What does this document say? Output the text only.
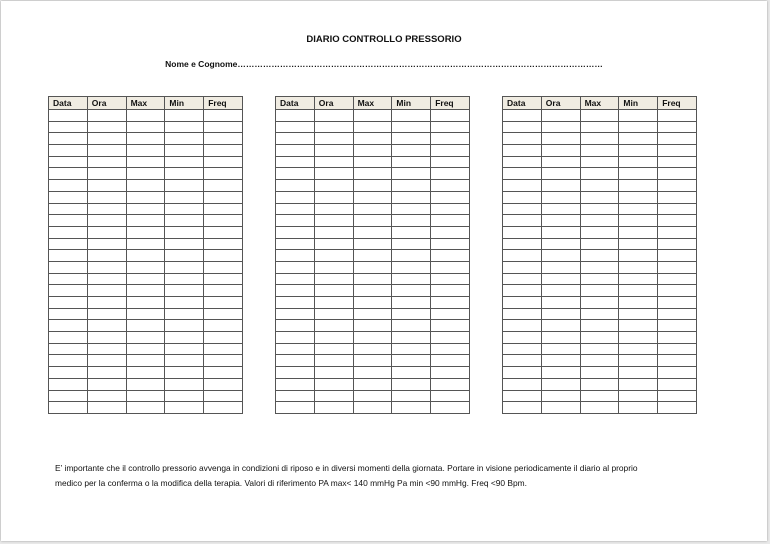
DIARIO CONTROLLO PRESSORIO
Nome e Cognome…………………………………………………………………………………………………………………
Data	Ora	Max	Min	Freq

					Data	Ora	Max	Min	Freq

					Data	Ora	Max	Min	Freq

E’ importante che il controllo pressorio avvenga in condizioni di riposo e in diversi momenti della giornata. Portare in visione periodicamente il diario al proprio

medico per la conferma o la modifica della terapia. Valori di riferimento PA max< 140 mmHg Pa min <90 mmHg. Freq <90 Bpm.
